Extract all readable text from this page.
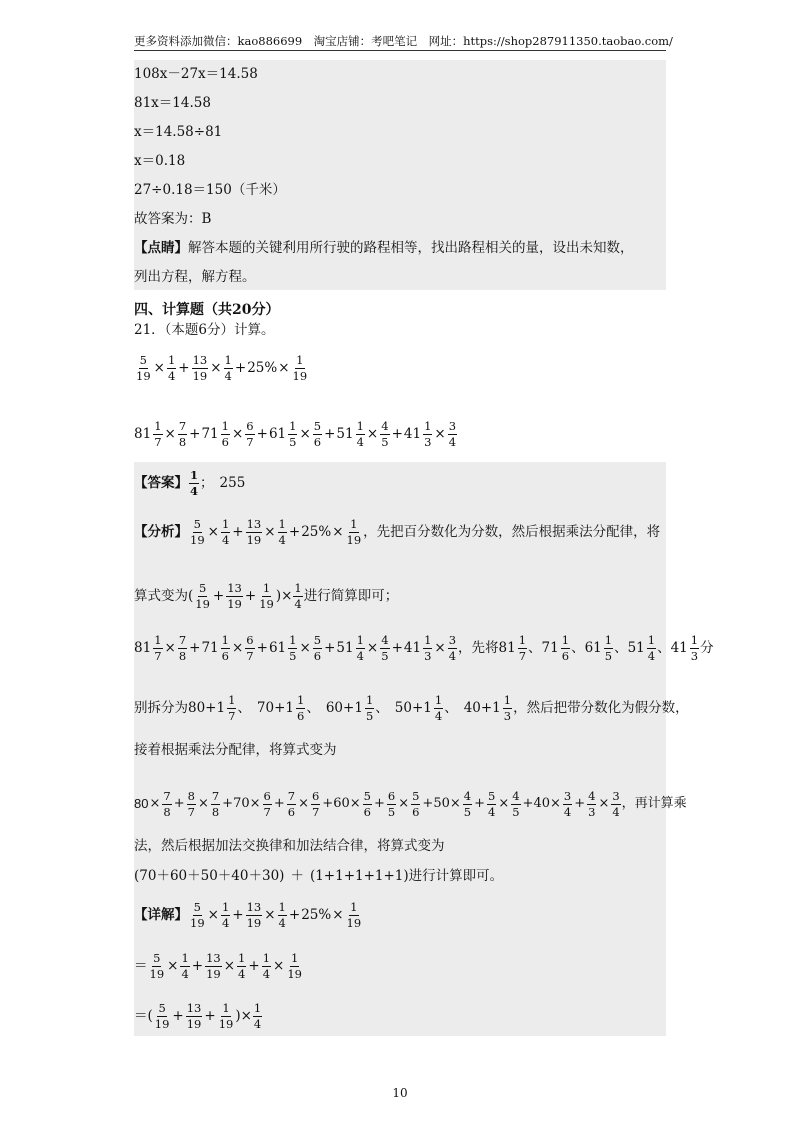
更多资料添加微信：kao886699　淘宝店铺：考吧笔记　网址：https://shop287911350.taobao.com/
108x－27x＝14.58
81x＝14.58
x＝14.58÷81
x＝0.18
27÷0.18＝150（千米）
故答案为：B
【点睛】解答本题的关键利用所行驶的路程相等，找出路程相关的量，设出未知数，
列出方程，解方程。
四、计算题（共20分）
21．（本题6分）计算。
$\frac{5}{19} \times \frac{1}{4} + \frac{13}{19} \times \frac{1}{4} + 25\% \times \frac{1}{19}$
$81 \frac{1}{7} \times \frac{7}{8} + 71 \frac{1}{6} \times \frac{6}{7} + 61 \frac{1}{5} \times \frac{5}{6} + 51 \frac{1}{4} \times \frac{4}{5} + 41 \frac{1}{3} \times \frac{3}{4}$
【答案】 $\frac{1}{4}$ ； 255
【分析】 $\frac{5}{19} \times \frac{1}{4} + \frac{13}{19} \times \frac{1}{4} + 25\% \times \frac{1}{19}$ ，先把百分数化为分数，然后根据乘法分配律，将
算式变为 ( $\frac{5}{19} + \frac{13}{19} + \frac{1}{19}$ )× $\frac{1}{4}$ 进行简算即可；
$81 \frac{1}{7} \times \frac{7}{8} + 71 \frac{1}{6} \times \frac{6}{7} + 61 \frac{1}{5} \times \frac{5}{6} + 51 \frac{1}{4} \times \frac{4}{5} + 41 \frac{1}{3} \times \frac{3}{4}$ ，先将 $81 \frac{1}{7}$ 、 $71 \frac{1}{6}$ 、 $61 \frac{1}{5}$ 、 $51 \frac{1}{4}$ 、 $41 \frac{1}{3}$ 分
别拆分为 $80+1 \frac{1}{7}$ 、 $70+1 \frac{1}{6}$ 、 $60+1 \frac{1}{5}$ 、 $50+1 \frac{1}{4}$ 、 $40+1 \frac{1}{3}$ ，然后把带分数化为假分数，
接着根据乘法分配律，将算式变为
$80 \times \frac{7}{8} + \frac{8}{7} \times \frac{7}{8} +70\times \frac{6}{7} + \frac{7}{6} \times \frac{6}{7} +60\times \frac{5}{6} + \frac{6}{5} \times \frac{5}{6} +50\times \frac{4}{5} + \frac{5}{4} \times \frac{4}{5} +40\times \frac{3}{4} + \frac{4}{3} \times \frac{3}{4}$ ，再计算乘
法，然后根据加法交换律和加法结合律，将算式变为
(70＋60＋50＋40＋30) ＋ (1+1+1+1+1)进行计算即可。
【详解】 $\frac{5}{19} \times \frac{1}{4} + \frac{13}{19} \times \frac{1}{4} + 25\% \times \frac{1}{19}$
＝ $\frac{5}{19} \times \frac{1}{4} + \frac{13}{19} \times \frac{1}{4} + \frac{1}{4} \times \frac{1}{19}$
＝( $\frac{5}{19} + \frac{13}{19} + \frac{1}{19}$ )× $\frac{1}{4}$
10
